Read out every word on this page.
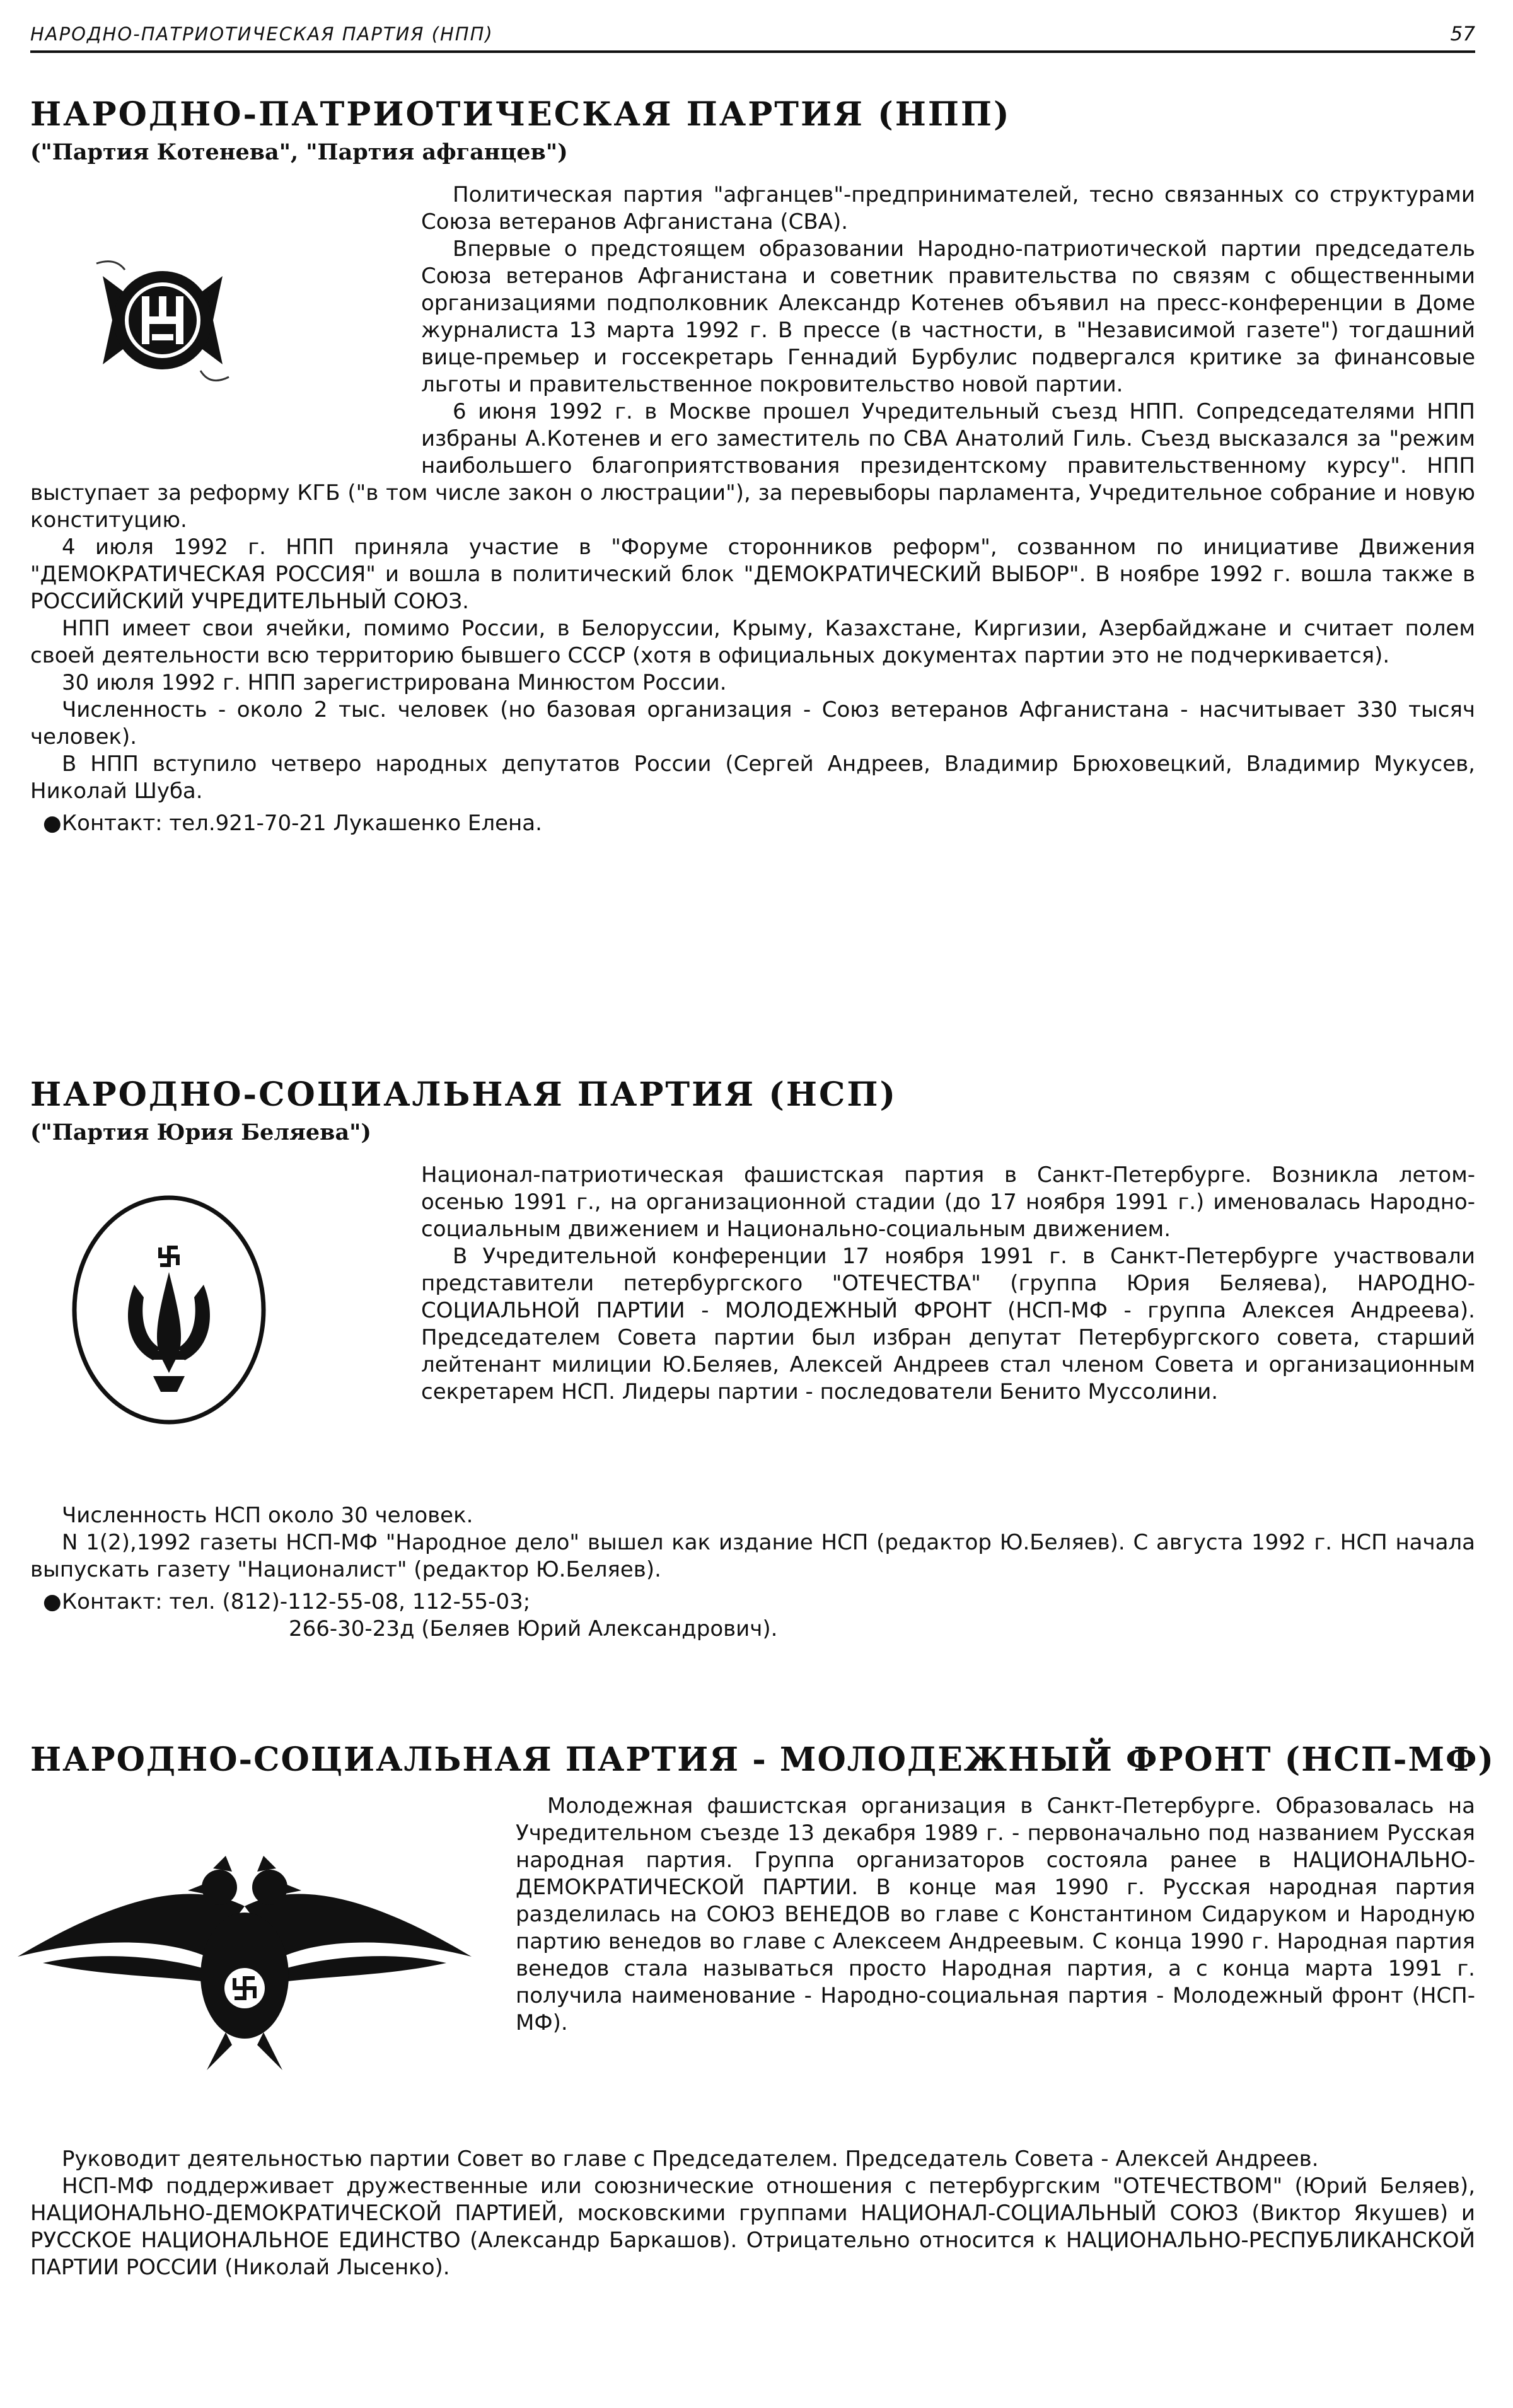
НАРОДНО-ПАТРИОТИЧЕСКАЯ ПАРТИЯ (НПП)	57
НАРОДНО-ПАТРИОТИЧЕСКАЯ ПАРТИЯ (НПП)
("Партия Котенева", "Партия афганцев")

Политическая партия "афганцев"-предпринимателей, тесно связанных со структурами Союза ветеранов Афганистана (СВА).

Впервые о предстоящем образовании Народно-патриотической партии председатель Союза ветеранов Афганистана и советник правительства по связям с общественными организациями подполковник Александр Котенев объявил на пресс-конференции в Доме журналиста 13 марта 1992 г. В прессе (в частности, в "Независимой газете") тогдашний вице-премьер и госсекретарь Геннадий Бурбулис подвергался критике за финансовые льготы и правительственное покровительство новой партии.

6 июня 1992 г. в Москве прошел Учредительный съезд НПП. Сопредседателями НПП избраны А.Котенев и его заместитель по СВА Анатолий Гиль. Съезд высказался за "режим наибольшего благоприятствования президентскому правительственному курсу". НПП выступает за реформу КГБ ("в том числе закон о люстрации"), за перевыборы парламента, Учредительное собрание и новую конституцию.

4 июля 1992 г. НПП приняла участие в "Форуме сторонников реформ", созванном по инициативе Движения "ДЕМОКРАТИЧЕСКАЯ РОССИЯ" и вошла в политический блок "ДЕМОКРАТИЧЕСКИЙ ВЫБОР". В ноябре 1992 г. вошла также в РОССИЙСКИЙ УЧРЕДИТЕЛЬНЫЙ СОЮЗ.

НПП имеет свои ячейки, помимо России, в Белоруссии, Крыму, Казахстане, Киргизии, Азербайджане и считает полем своей деятельности всю территорию бывшего СССР (хотя в официальных документах партии это не подчеркивается).

30 июля 1992 г. НПП зарегистрирована Минюстом России.

Численность - около 2 тыс. человек (но базовая организация - Союз ветеранов Афганистана - насчитывает 330 тысяч человек).

В НПП вступило четверо народных депутатов России (Сергей Андреев, Владимир Брюховецкий, Владимир Мукусев, Николай Шуба.

● Контакт: тел.921-70-21 Лукашенко Елена.
НАРОДНО-СОЦИАЛЬНАЯ ПАРТИЯ (НСП)
("Партия Юрия Беляева")

Национал-патриотическая фашистская партия в Санкт-Петербурге. Возникла летом-осенью 1991 г., на организационной стадии (до 17 ноября 1991 г.) именовалась Народно-социальным движением и Национально-социальным движением.

В Учредительной конференции 17 ноября 1991 г. в Санкт-Петербурге участвовали представители петербургского "ОТЕЧЕСТВА" (группа Юрия Беляева), НАРОДНО-СОЦИАЛЬНОЙ ПАРТИИ - МОЛОДЕЖНЫЙ ФРОНТ (НСП-МФ - группа Алексея Андреева). Председателем Совета партии был избран депутат Петербургского совета, старший лейтенант милиции Ю.Беляев, Алексей Андреев стал членом Совета и организационным секретарем НСП. Лидеры партии - последователи Бенито Муссолини.

Численность НСП около 30 человек.

N 1(2),1992 газеты НСП-МФ "Народное дело" вышел как издание НСП (редактор Ю.Беляев). С августа 1992 г. НСП начала выпускать газету "Националист" (редактор Ю.Беляев).

● Контакт: тел. (812)-112-55-08, 112-55-03;
266-30-23д (Беляев Юрий Александрович).
НАРОДНО-СОЦИАЛЬНАЯ ПАРТИЯ - МОЛОДЕЖНЫЙ ФРОНТ (НСП-МФ)

Молодежная фашистская организация в Санкт-Петербурге. Образовалась на Учредительном съезде 13 декабря 1989 г. - первоначально под названием Русская народная партия. Группа организаторов состояла ранее в НАЦИОНАЛЬНО-ДЕМОКРАТИЧЕСКОЙ ПАРТИИ. В конце мая 1990 г. Русская народная партия разделилась на СОЮЗ ВЕНЕДОВ во главе с Константином Сидаруком и Народную партию венедов во главе с Алексеем Андреевым. С конца 1990 г. Народная партия венедов стала называться просто Народная партия, а с конца марта 1991 г. получила наименование - Народно-социальная партия - Молодежный фронт (НСП-МФ).

Руководит деятельностью партии Совет во главе с Председателем. Председатель Совета - Алексей Андреев.

НСП-МФ поддерживает дружественные или союзнические отношения с петербургским "ОТЕЧЕСТВОМ" (Юрий Беляев), НАЦИОНАЛЬНО-ДЕМОКРАТИЧЕСКОЙ ПАРТИЕЙ, московскими группами НАЦИОНАЛ-СОЦИАЛЬНЫЙ СОЮЗ (Виктор Якушев) и РУССКОЕ НАЦИОНАЛЬНОЕ ЕДИНСТВО (Александр Баркашов). Отрицательно относится к НАЦИОНАЛЬНО-РЕСПУБЛИКАНСКОЙ ПАРТИИ РОССИИ (Николай Лысенко).
